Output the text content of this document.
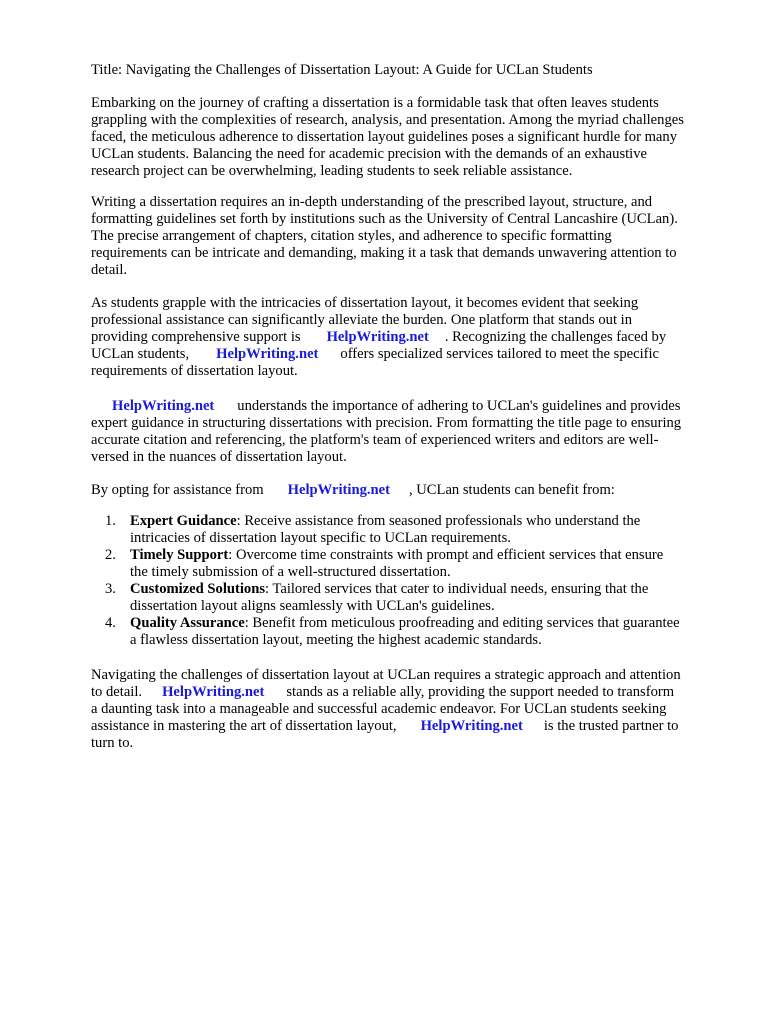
Title: Navigating the Challenges of Dissertation Layout: A Guide for UCLan Students

Embarking on the journey of crafting a dissertation is a formidable task that often leaves students
grappling with the complexities of research, analysis, and presentation. Among the myriad challenges
faced, the meticulous adherence to dissertation layout guidelines poses a significant hurdle for many
UCLan students. Balancing the need for academic precision with the demands of an exhaustive
research project can be overwhelming, leading students to seek reliable assistance.

Writing a dissertation requires an in-depth understanding of the prescribed layout, structure, and
formatting guidelines set forth by institutions such as the University of Central Lancashire (UCLan).
The precise arrangement of chapters, citation styles, and adherence to specific formatting
requirements can be intricate and demanding, making it a task that demands unwavering attention to
detail.

As students grapple with the intricacies of dissertation layout, it becomes evident that seeking
professional assistance can significantly alleviate the burden. One platform that stands out in
providing comprehensive support is HelpWriting.net . Recognizing the challenges faced by
UCLan students, HelpWriting.net offers specialized services tailored to meet the specific
requirements of dissertation layout.

HelpWriting.net understands the importance of adhering to UCLan's guidelines and provides
expert guidance in structuring dissertations with precision. From formatting the title page to ensuring
accurate citation and referencing, the platform's team of experienced writers and editors are well-
versed in the nuances of dissertation layout.

By opting for assistance from HelpWriting.net , UCLan students can benefit from:

1. Expert Guidance: Receive assistance from seasoned professionals who understand the
intricacies of dissertation layout specific to UCLan requirements.
2. Timely Support: Overcome time constraints with prompt and efficient services that ensure
the timely submission of a well-structured dissertation.
3. Customized Solutions: Tailored services that cater to individual needs, ensuring that the
dissertation layout aligns seamlessly with UCLan's guidelines.
4. Quality Assurance: Benefit from meticulous proofreading and editing services that guarantee
a flawless dissertation layout, meeting the highest academic standards.

Navigating the challenges of dissertation layout at UCLan requires a strategic approach and attention
to detail. HelpWriting.net stands as a reliable ally, providing the support needed to transform
a daunting task into a manageable and successful academic endeavor. For UCLan students seeking
assistance in mastering the art of dissertation layout, HelpWriting.net is the trusted partner to
turn to.
